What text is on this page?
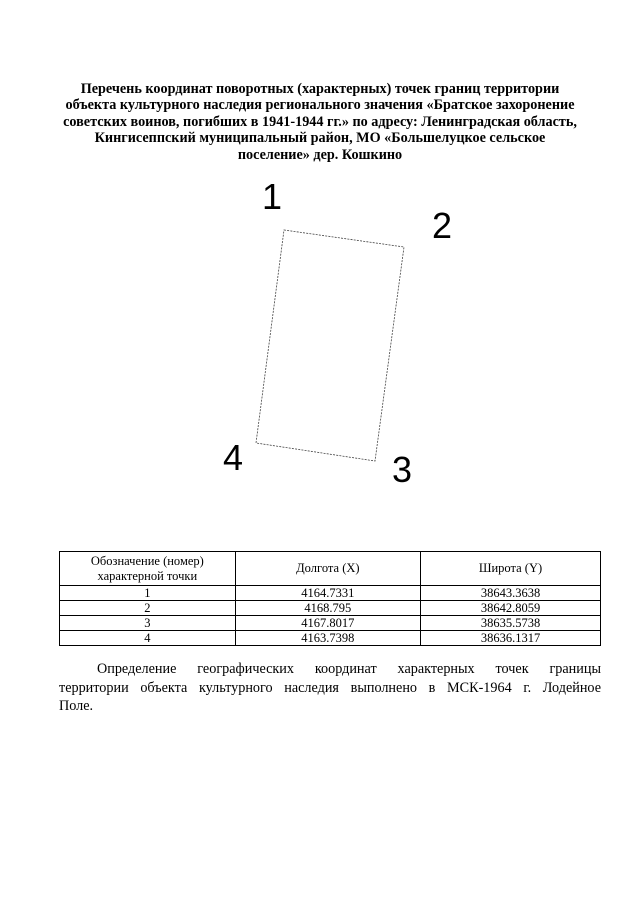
Перечень координат поворотных (характерных) точек границ территории
объекта культурного наследия регионального значения «Братское захоронение
советских воинов, погибших в 1941-1944 гг.» по адресу: Ленинградская область,
Кингисеппский муниципальный район, МО «Большелуцкое сельское
поселение» дер. Кошкино
1
2
3
4
Обозначение (номер) характерной точки	Долгота (X)	Широта (Y)
1	4164.7331	38643.3638
2	4168.795	38642.8059
3	4167.8017	38635.5738
4	4163.7398	38636.1317
Определение географических координат характерных точек границы
территории объекта культурного наследия выполнено в МСК-1964 г. Лодейное
Поле.
